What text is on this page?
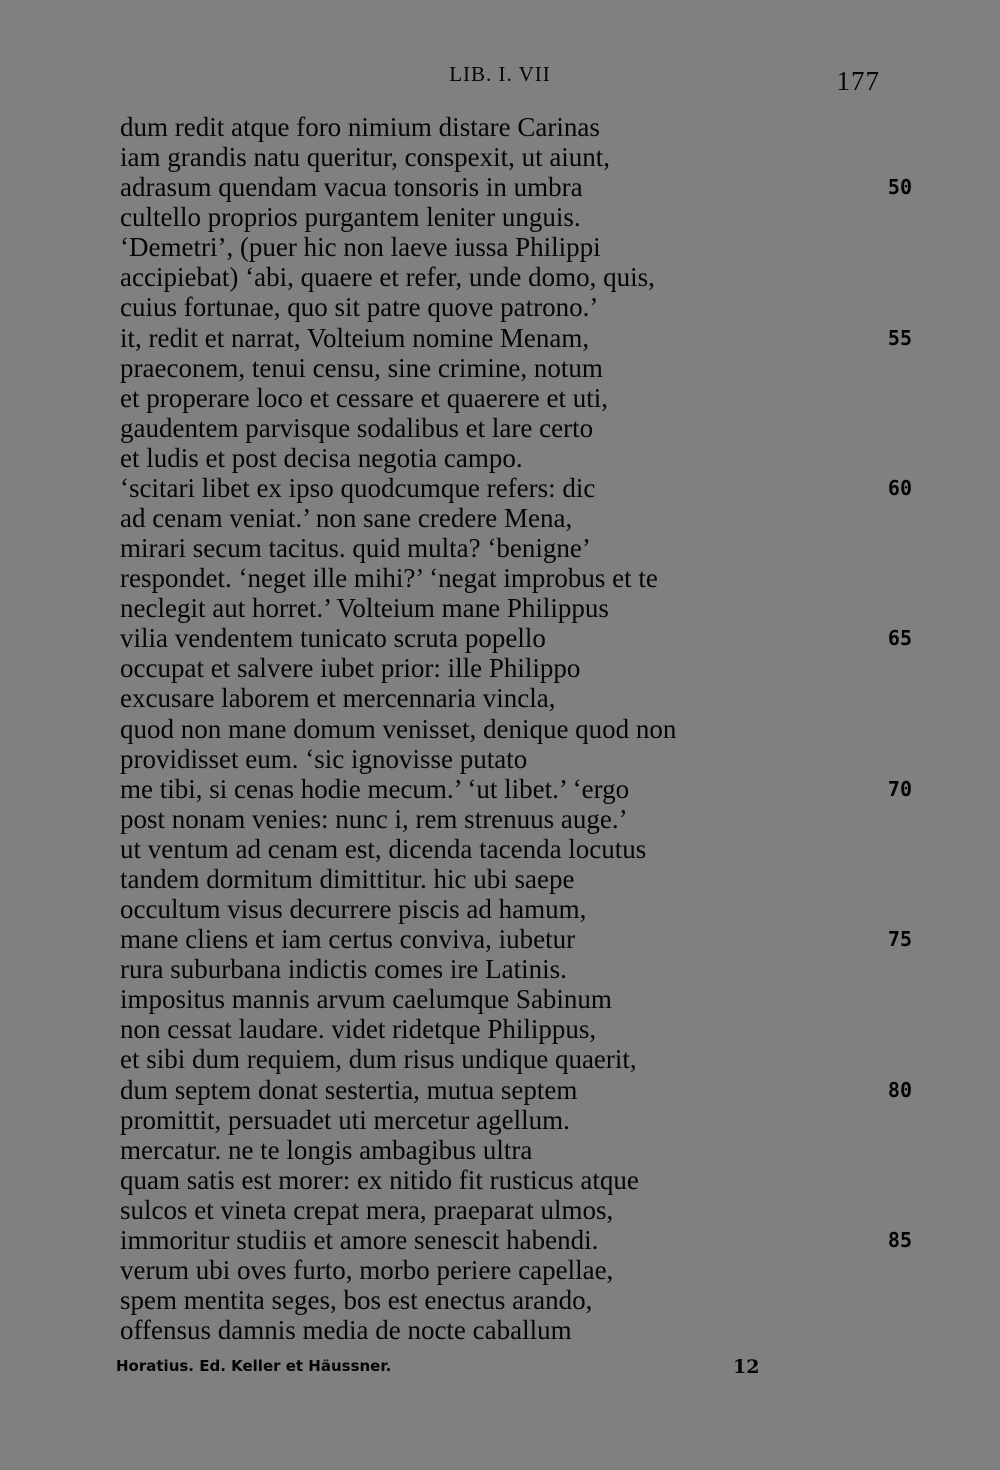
LIB. I. VII	177
dum redit atque foro nimium distare Carinas
iam grandis natu queritur, conspexit, ut aiunt,
adrasum quendam vacua tonsoris in umbra
cultello proprios purgantem leniter unguis.
‘Demetri’, (puer hic non laeve iussa Philippi
accipiebat) ‘abi, quaere et refer, unde domo, quis,
cuius fortunae, quo sit patre quove patrono.’
it, redit et narrat, Volteium nomine Menam,
praeconem, tenui censu, sine crimine, notum
et properare loco et cessare et quaerere et uti,
gaudentem parvisque sodalibus et lare certo
et ludis et post decisa negotia campo.
‘scitari libet ex ipso quodcumque refers: dic
ad cenam veniat.’ non sane credere Mena,
mirari secum tacitus. quid multa? ‘benigne’
respondet. ‘neget ille mihi?’ ‘negat improbus et te
neclegit aut horret.’ Volteium mane Philippus
vilia vendentem tunicato scruta popello
occupat et salvere iubet prior: ille Philippo
excusare laborem et mercennaria vincla,
quod non mane domum venisset, denique quod non
providisset eum. ‘sic ignovisse putato
me tibi, si cenas hodie mecum.’ ‘ut libet.’ ‘ergo
post nonam venies: nunc i, rem strenuus auge.’
ut ventum ad cenam est, dicenda tacenda locutus
tandem dormitum dimittitur. hic ubi saepe
occultum visus decurrere piscis ad hamum,
mane cliens et iam certus conviva, iubetur
rura suburbana indictis comes ire Latinis.
impositus mannis arvum caelumque Sabinum
non cessat laudare. videt ridetque Philippus,
et sibi dum requiem, dum risus undique quaerit,
dum septem donat sestertia, mutua septem
promittit, persuadet uti mercetur agellum.
mercatur. ne te longis ambagibus ultra
quam satis est morer: ex nitido fit rusticus atque
sulcos et vineta crepat mera, praeparat ulmos,
immoritur studiis et amore senescit habendi.
verum ubi oves furto, morbo periere capellae,
spem mentita seges, bos est enectus arando,
offensus damnis media de nocte caballum
50
55
60
65
70
75
80
85
Horatius. Ed. Keller et Häussner.	12
